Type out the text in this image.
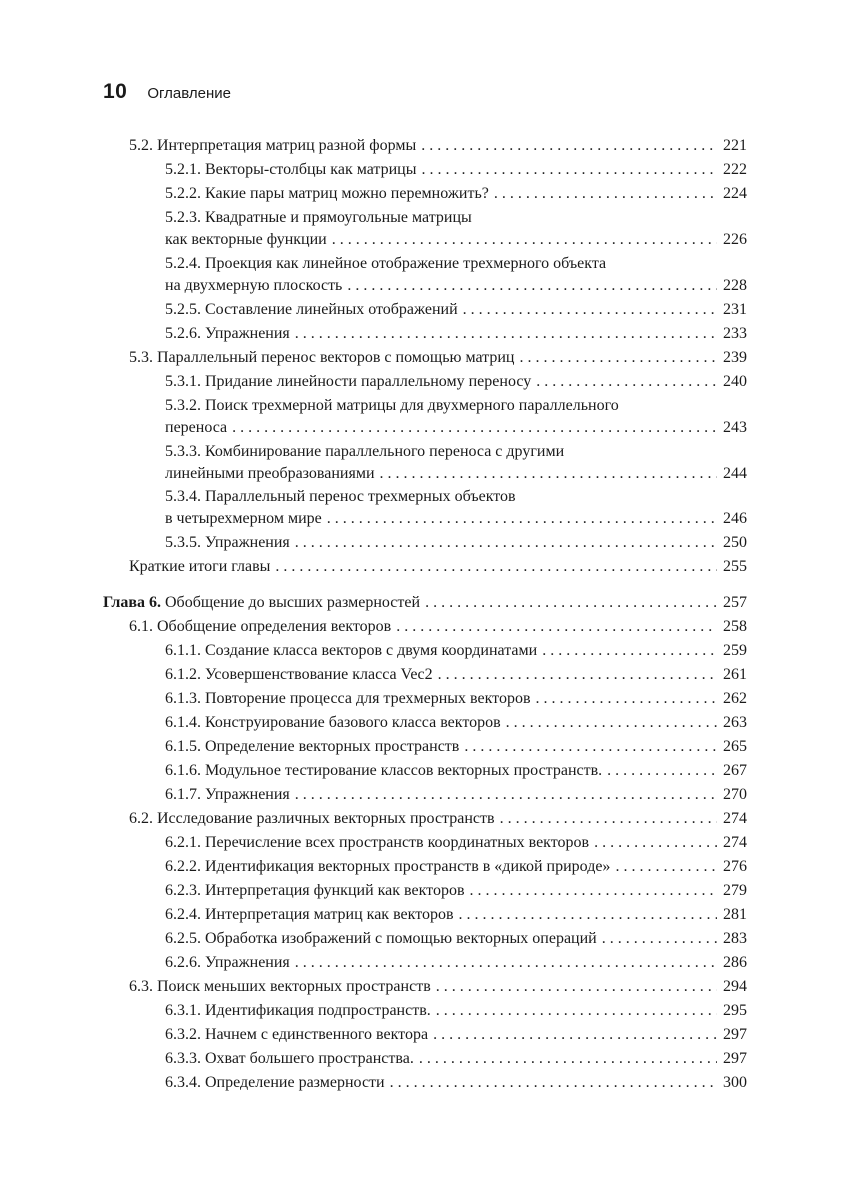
10 Оглавление
5.2. Интерпретация матриц разной формы . . .	221
5.2.1. Векторы-столбцы как матрицы . . .	222
5.2.2. Какие пары матриц можно перемножить? . . .	224
5.2.3. Квадратные и прямоугольные матрицы
как векторные функции . . .	226
5.2.4. Проекция как линейное отображение трехмерного объекта
на двухмерную плоскость . . .	228
5.2.5. Составление линейных отображений . . .	231
5.2.6. Упражнения . . .	233
5.3. Параллельный перенос векторов с помощью матриц . . .	239
5.3.1. Придание линейности параллельному переносу . . .	240
5.3.2. Поиск трехмерной матрицы для двухмерного параллельного
переноса . . .	243
5.3.3. Комбинирование параллельного переноса с другими
линейными преобразованиями . . .	244
5.3.4. Параллельный перенос трехмерных объектов
в четырехмерном мире . . .	246
5.3.5. Упражнения . . .	250
Краткие итоги главы . . .	255
Глава 6. Обобщение до высших размерностей . . .	257
6.1. Обобщение определения векторов . . .	258
6.1.1. Создание класса векторов с двумя координатами . . .	259
6.1.2. Усовершенствование класса Vec2 . . .	261
6.1.3. Повторение процесса для трехмерных векторов . . .	262
6.1.4. Конструирование базового класса векторов . . .	263
6.1.5. Определение векторных пространств . . .	265
6.1.6. Модульное тестирование классов векторных пространств. . . .	267
6.1.7. Упражнения . . .	270
6.2. Исследование различных векторных пространств . . .	274
6.2.1. Перечисление всех пространств координатных векторов . . .	274
6.2.2. Идентификация векторных пространств в «дикой природе» . . .	276
6.2.3. Интерпретация функций как векторов . . .	279
6.2.4. Интерпретация матриц как векторов . . .	281
6.2.5. Обработка изображений с помощью векторных операций . . .	283
6.2.6. Упражнения . . .	286
6.3. Поиск меньших векторных пространств . . .	294
6.3.1. Идентификация подпространств. . . .	295
6.3.2. Начнем с единственного вектора . . .	297
6.3.3. Охват большего пространства. . . .	297
6.3.4. Определение размерности . . .	300
